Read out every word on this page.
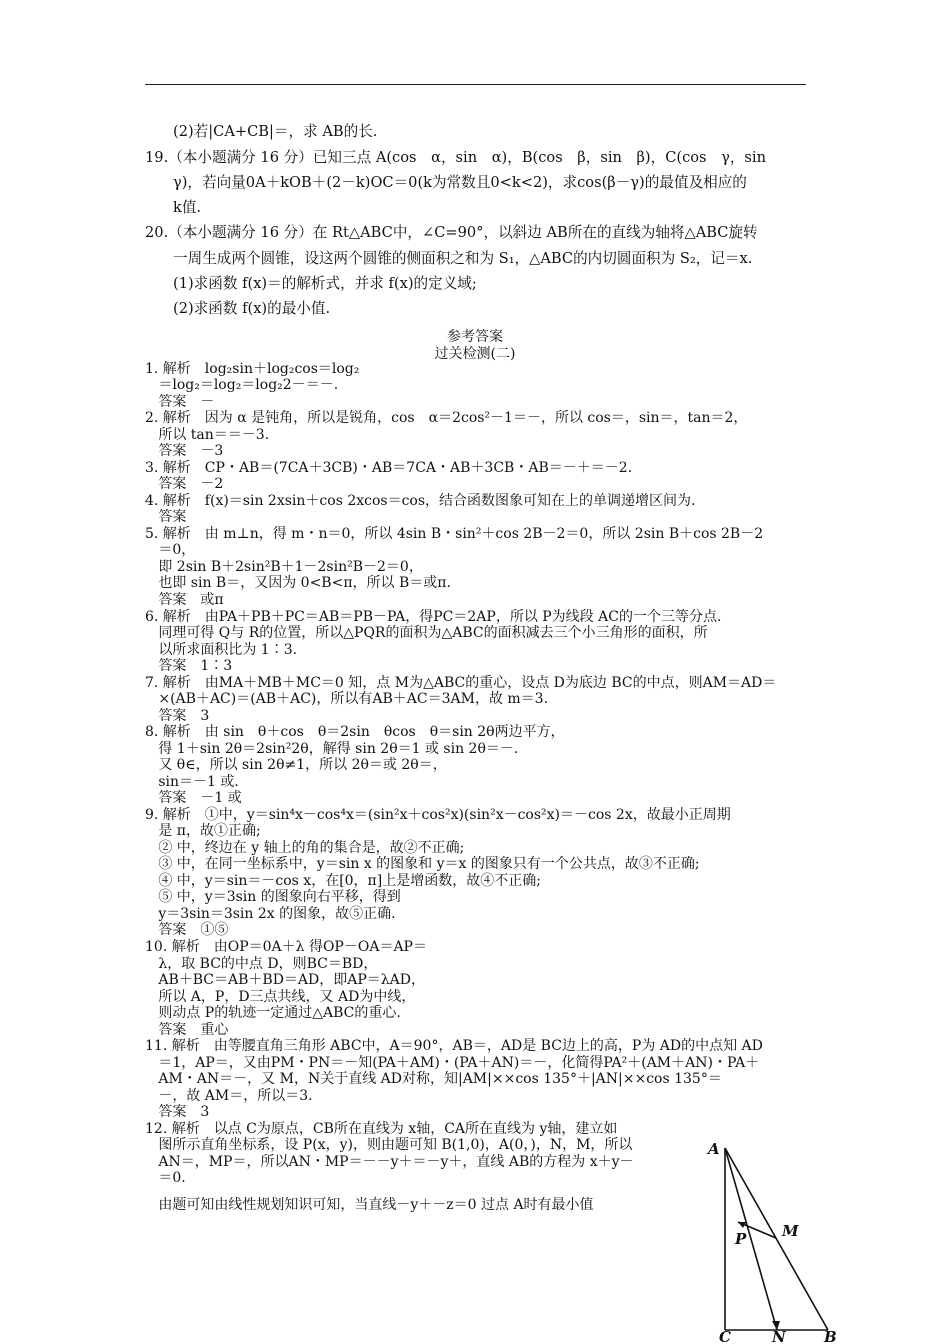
(2)若|CA+CB|＝，求 AB的长.
19.（本小题满分 16 分）已知三点 A(cos　α，sin　α)，B(cos　β，sin　β)，C(cos　γ，sin
γ)，若向量0A＋kOB＋(2－k)OC＝0(k为常数且0<k<2)，求cos(β－γ)的最值及相应的
k值.
20.（本小题满分 16 分）在 Rt△ABC中，∠C=90°，以斜边 AB所在的直线为轴将△ABC旋转
一周生成两个圆锥，设这两个圆锥的侧面积之和为 S₁，△ABC的内切圆面积为 S₂，记＝x.
(1)求函数 f(x)＝的解析式，并求 f(x)的定义域;
(2)求函数 f(x)的最小值.
参考答案
过关检测(二)
1. 解析　log₂sin＋log₂cos＝log₂
＝log₂＝log₂＝log₂2－＝－.
答案　－
2. 解析　因为 α 是钝角，所以是锐角，cos　α＝2cos²－1＝－，所以 cos＝，sin＝，tan＝2，
所以 tan＝＝－3.
答案　－3
3. 解析　CP・AB＝(7CA＋3CB)・AB＝7CA・AB＋3CB・AB＝－＋＝－2.
答案　－2
4. 解析　f(x)＝sin 2xsin＋cos 2xcos＝cos，结合函数图象可知在上的单调递增区间为.
答案
5. 解析　由 m⊥n，得 m・n＝0，所以 4sin B・sin²＋cos 2B－2＝0，所以 2sin B＋cos 2B－2
＝0，
即 2sin B＋2sin²B＋1－2sin²B－2＝0，
也即 sin B＝，又因为 0<B<π，所以 B＝或π.
答案　或π
6. 解析　由PA＋PB＋PC＝AB＝PB－PA，得PC＝2AP，所以 P为线段 AC的一个三等分点.
同理可得 Q与 R的位置，所以△PQR的面积为△ABC的面积减去三个小三角形的面积，所
以所求面积比为 1∶3.
答案　1∶3
7. 解析　由MA＋MB＋MC＝0 知，点 M为△ABC的重心，设点 D为底边 BC的中点，则AM＝AD＝
×(AB＋AC)＝(AB＋AC)，所以有AB＋AC＝3AM，故 m＝3.
答案　3
8. 解析　由 sin　θ＋cos　θ＝2sin　θcos　θ＝sin 2θ两边平方，
得 1＋sin 2θ＝2sin²2θ，解得 sin 2θ＝1 或 sin 2θ＝－.
又 θ∈，所以 sin 2θ≠1，所以 2θ＝或 2θ＝，
sin＝－1 或.
答案　－1 或
9. 解析　①中，y＝sin⁴x－cos⁴x＝(sin²x＋cos²x)(sin²x－cos²x)＝－cos 2x，故最小正周期
是 π，故①正确;
② 中，终边在 y 轴上的角的集合是，故②不正确;
③ 中，在同一坐标系中，y＝sin x 的图象和 y＝x 的图象只有一个公共点，故③不正确;
④ 中，y＝sin＝－cos x，在[0，π]上是增函数，故④不正确;
⑤ 中，y＝3sin 的图象向右平移，得到
y＝3sin＝3sin 2x 的图象，故⑤正确.
答案　①⑤
10. 解析　由OP＝0A＋λ 得OP－OA＝AP＝
λ，取 BC的中点 D，则BC＝BD，
AB＋BC＝AB＋BD＝AD，即AP＝λAD，
所以 A，P，D三点共线，又 AD为中线，
则动点 P的轨迹一定通过△ABC的重心.
答案　重心
11. 解析　由等腰直角三角形 ABC中，A＝90°，AB＝，AD是 BC边上的高，P为 AD的中点知 AD
＝1，AP＝，又由PM・PN＝－知(PA＋AM)・(PA＋AN)＝－，化简得PA²＋(AM＋AN)・PA＋
AM・AN＝－，又 M，N关于直线 AD对称，知|AM|××cos 135°＋|AN|××cos 135°＝
－，故 AM＝，所以＝3.
答案　3
12. 解析　以点 C为原点，CB所在直线为 x轴，CA所在直线为 y轴，建立如
图所示直角坐标系，设 P(x，y)，则由题可知 B(1,0)，A(0，)，N，M，所以
AN＝，MP＝，所以AN・MP＝－－y＋＝－y＋，直线 AB的方程为 x＋y－
＝0.
由题可知由线性规划知识可知，当直线－y＋－z＝0 过点 A时有最小值
A
M
P
C	N	B
